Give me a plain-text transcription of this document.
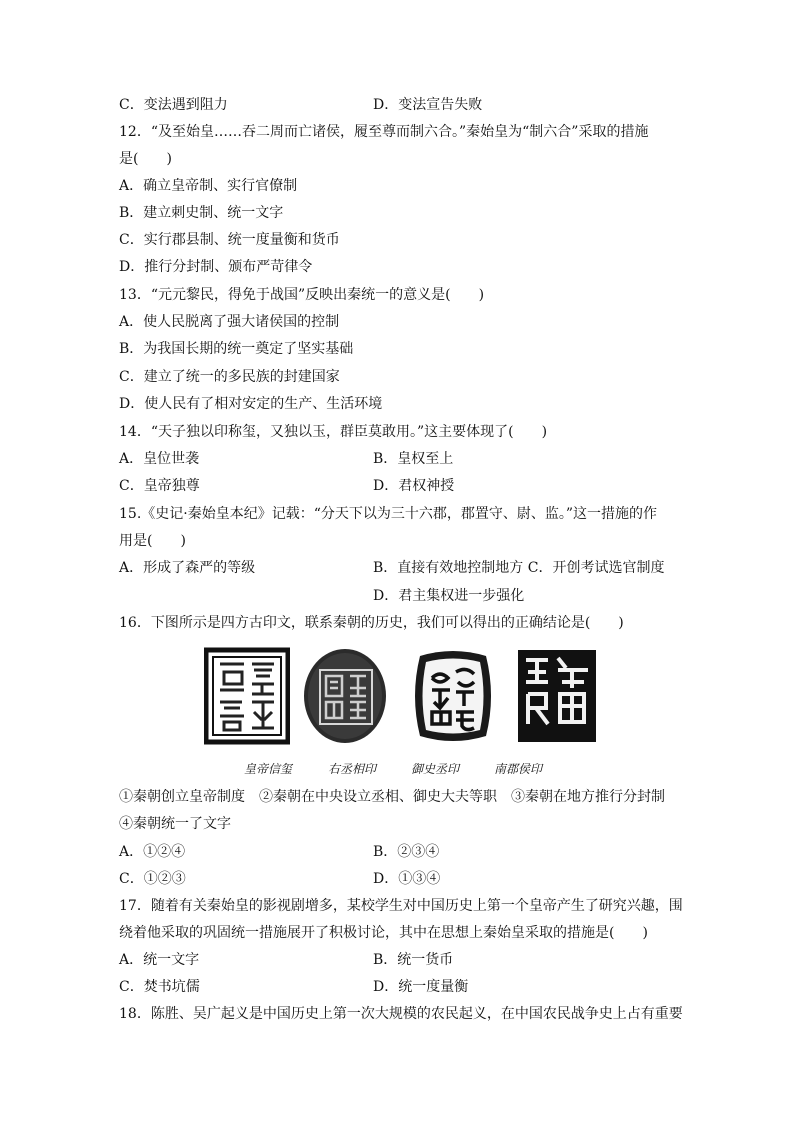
C．变法遇到阻力	D．变法宣告失败
12．“及至始皇……吞二周而亡诸侯，履至尊而制六合。”秦始皇为“制六合”采取的措施
是(　　)
A．确立皇帝制、实行官僚制
B．建立刺史制、统一文字
C．实行郡县制、统一度量衡和货币
D．推行分封制、颁布严苛律令
13．“元元黎民，得免于战国”反映出秦统一的意义是(　　)
A．使人民脱离了强大诸侯国的控制
B．为我国长期的统一奠定了坚实基础
C．建立了统一的多民族的封建国家
D．使人民有了相对安定的生产、生活环境
14．“天子独以印称玺，又独以玉，群臣莫敢用。”这主要体现了(　　)
A．皇位世袭	B．皇权至上
C．皇帝独尊	D．君权神授
15.《史记·秦始皇本纪》记载：“分天下以为三十六郡，郡置守、尉、监。”这一措施的作
用是(　　)
A．形成了森严的等级	B．直接有效地控制地方 C．开创考试选官制度
D．君主集权进一步强化
16．下图所示是四方古印文，联系秦朝的历史，我们可以得出的正确结论是(　　)
皇帝信玺	右丞相印	御史丞印	南郡侯印
①秦朝创立皇帝制度　②秦朝在中央设立丞相、御史大夫等职　③秦朝在地方推行分封制
④秦朝统一了文字
A．①②④	B．②③④
C．①②③	D．①③④
17．随着有关秦始皇的影视剧增多，某校学生对中国历史上第一个皇帝产生了研究兴趣，围
绕着他采取的巩固统一措施展开了积极讨论，其中在思想上秦始皇采取的措施是(　　)
A．统一文字	B．统一货币
C．焚书坑儒	D．统一度量衡
18．陈胜、吴广起义是中国历史上第一次大规模的农民起义，在中国农民战争史上占有重要
